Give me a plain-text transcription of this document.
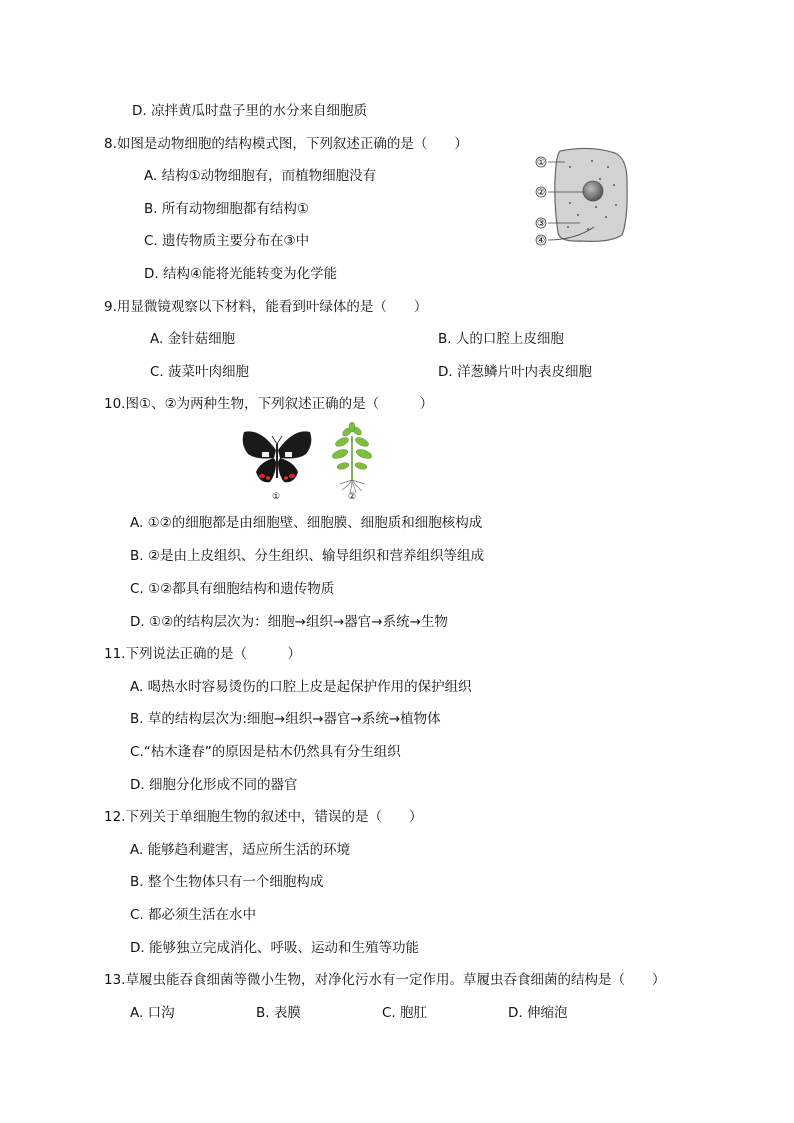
D. 凉拌黄瓜时盘子里的水分来自细胞质
8.如图是动物细胞的结构模式图，下列叙述正确的是（　　）
A. 结构①动物细胞有，而植物细胞没有
B. 所有动物细胞都有结构①
C. 遗传物质主要分布在③中
D. 结构④能将光能转变为化学能
①
②
③
④
9.用显微镜观察以下材料，能看到叶绿体的是（　　）
A. 金针菇细胞	B. 人的口腔上皮细胞
C. 菠菜叶肉细胞	D. 洋葱鳞片叶内表皮细胞
10.图①、②为两种生物，下列叙述正确的是（　　　）
①	②
A. ①②的细胞都是由细胞壁、细胞膜、细胞质和细胞核构成
B. ②是由上皮组织、分生组织、输导组织和营养组织等组成
C. ①②都具有细胞结构和遗传物质
D. ①②的结构层次为：细胞→组织→器官→系统→生物
11.下列说法正确的是（　　　）
A. 喝热水时容易烫伤的口腔上皮是起保护作用的保护组织
B. 草的结构层次为:细胞→组织→器官→系统→植物体
C.“枯木逢春”的原因是枯木仍然具有分生组织
D. 细胞分化形成不同的器官
12.下列关于单细胞生物的叙述中，错误的是（　　）
A. 能够趋利避害，适应所生活的环境
B. 整个生物体只有一个细胞构成
C. 都必须生活在水中
D. 能够独立完成消化、呼吸、运动和生殖等功能
13.草履虫能吞食细菌等微小生物，对净化污水有一定作用。草履虫吞食细菌的结构是（　　）
A. 口沟	B. 表膜	C. 胞肛	D. 伸缩泡
